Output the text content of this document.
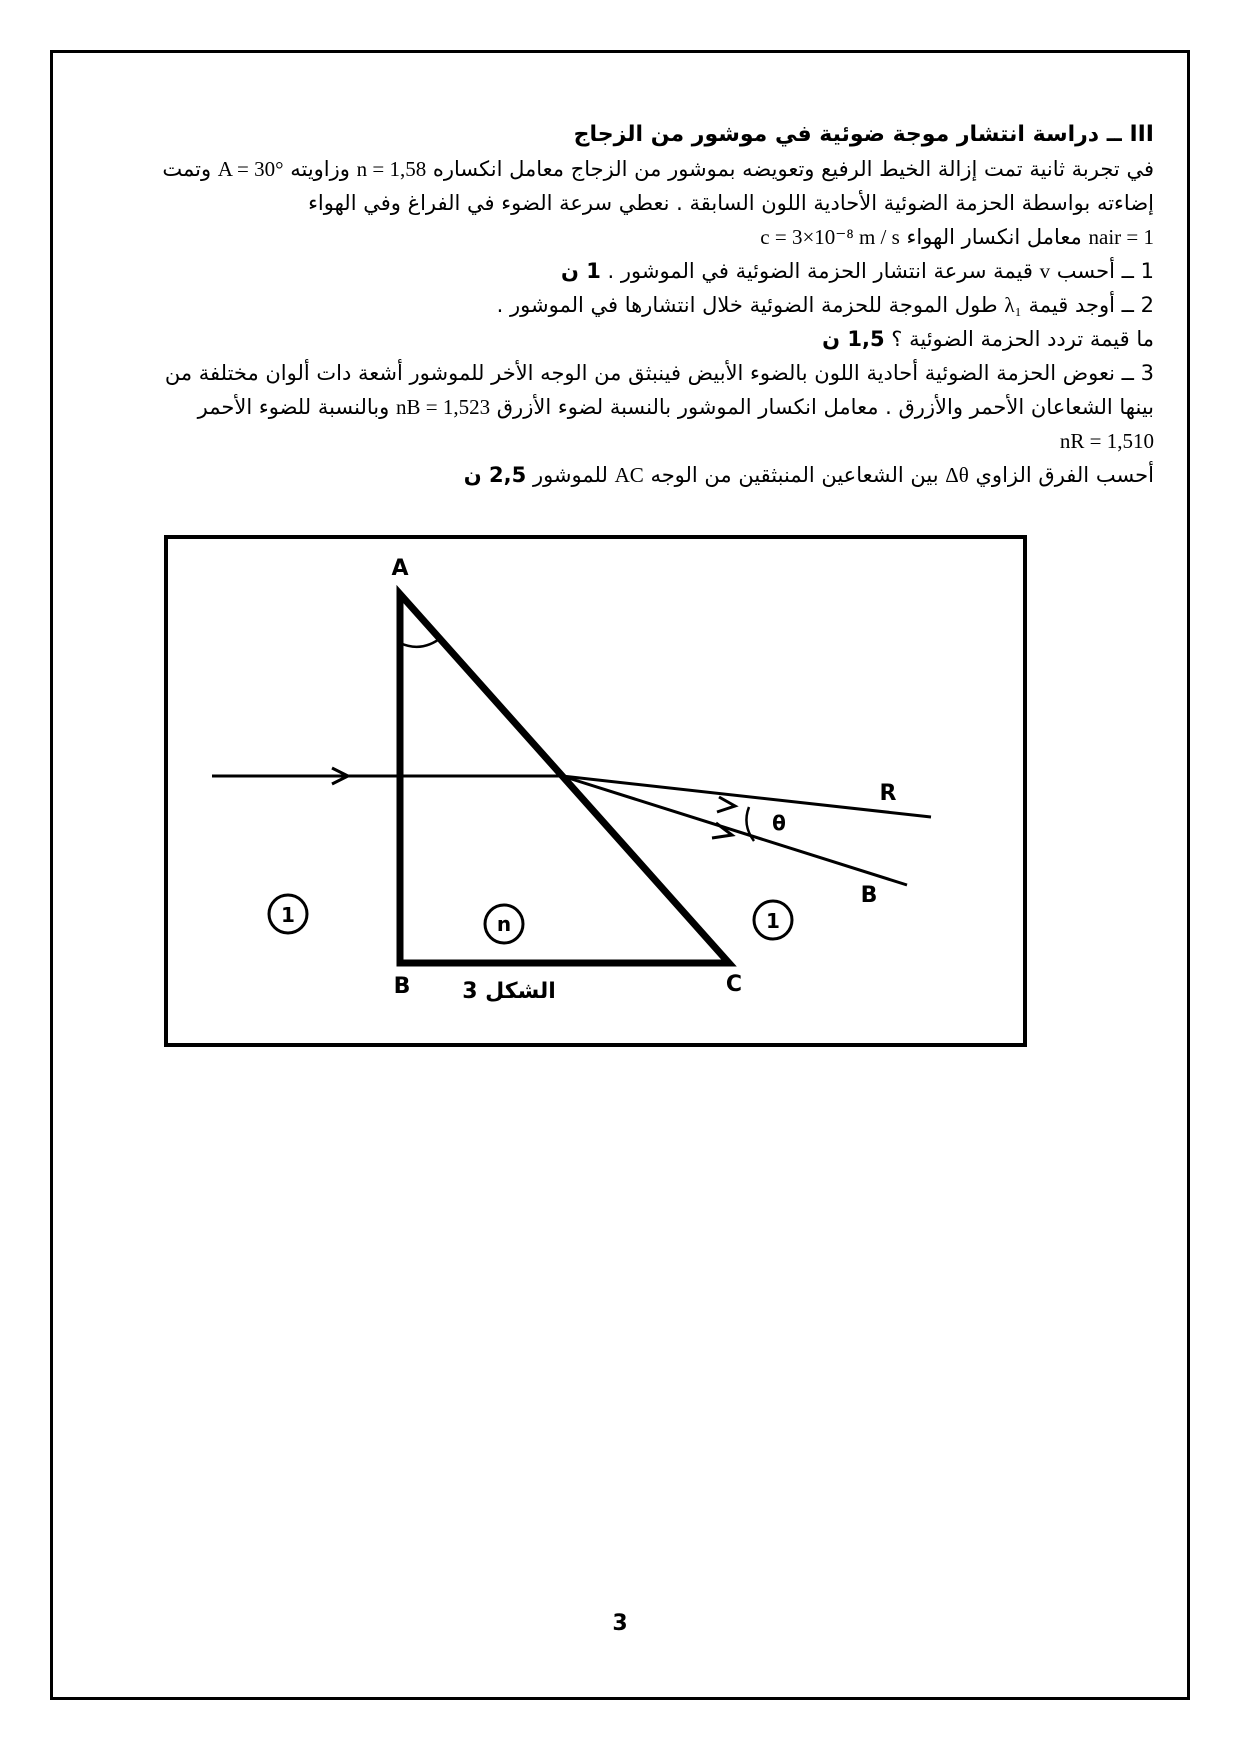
III ــ دراسة انتشار موجة ضوئية في موشور من الزجاج

في تجربة ثانية تمت إزالة الخيط الرفيع وتعويضه بموشور من الزجاج معامل انكساره n = 1,58 وزاويته A = 30° وتمت

إضاءته بواسطة الحزمة الضوئية الأحادية اللون السابقة . نعطي سرعة الضوء في الفراغ وفي الهواء

nair = 1 معامل انكسار الهواء c = 3×10⁻⁸ m / s

1 ــ أحسب v قيمة سرعة انتشار الحزمة الضوئية في الموشور . 1 ن

2 ــ أوجد قيمة λ₁ طول الموجة للحزمة الضوئية خلال انتشارها في الموشور .

ما قيمة تردد الحزمة الضوئية ؟ 1,5 ن

3 ــ نعوض الحزمة الضوئية أحادية اللون بالضوء الأبيض فينبثق من الوجه الأخر للموشور أشعة دات ألوان مختلفة من

بينها الشعاعان الأحمر والأزرق . معامل انكسار الموشور بالنسبة لضوء الأزرق nB = 1,523 وبالنسبة للضوء الأحمر

nR = 1,510

أحسب الفرق الزاوي Δθ بين الشعاعين المنبثقين من الوجه AC للموشور 2,5 ن

A
B	C
R
B
θ
1	n	1
الشكل 3
3
